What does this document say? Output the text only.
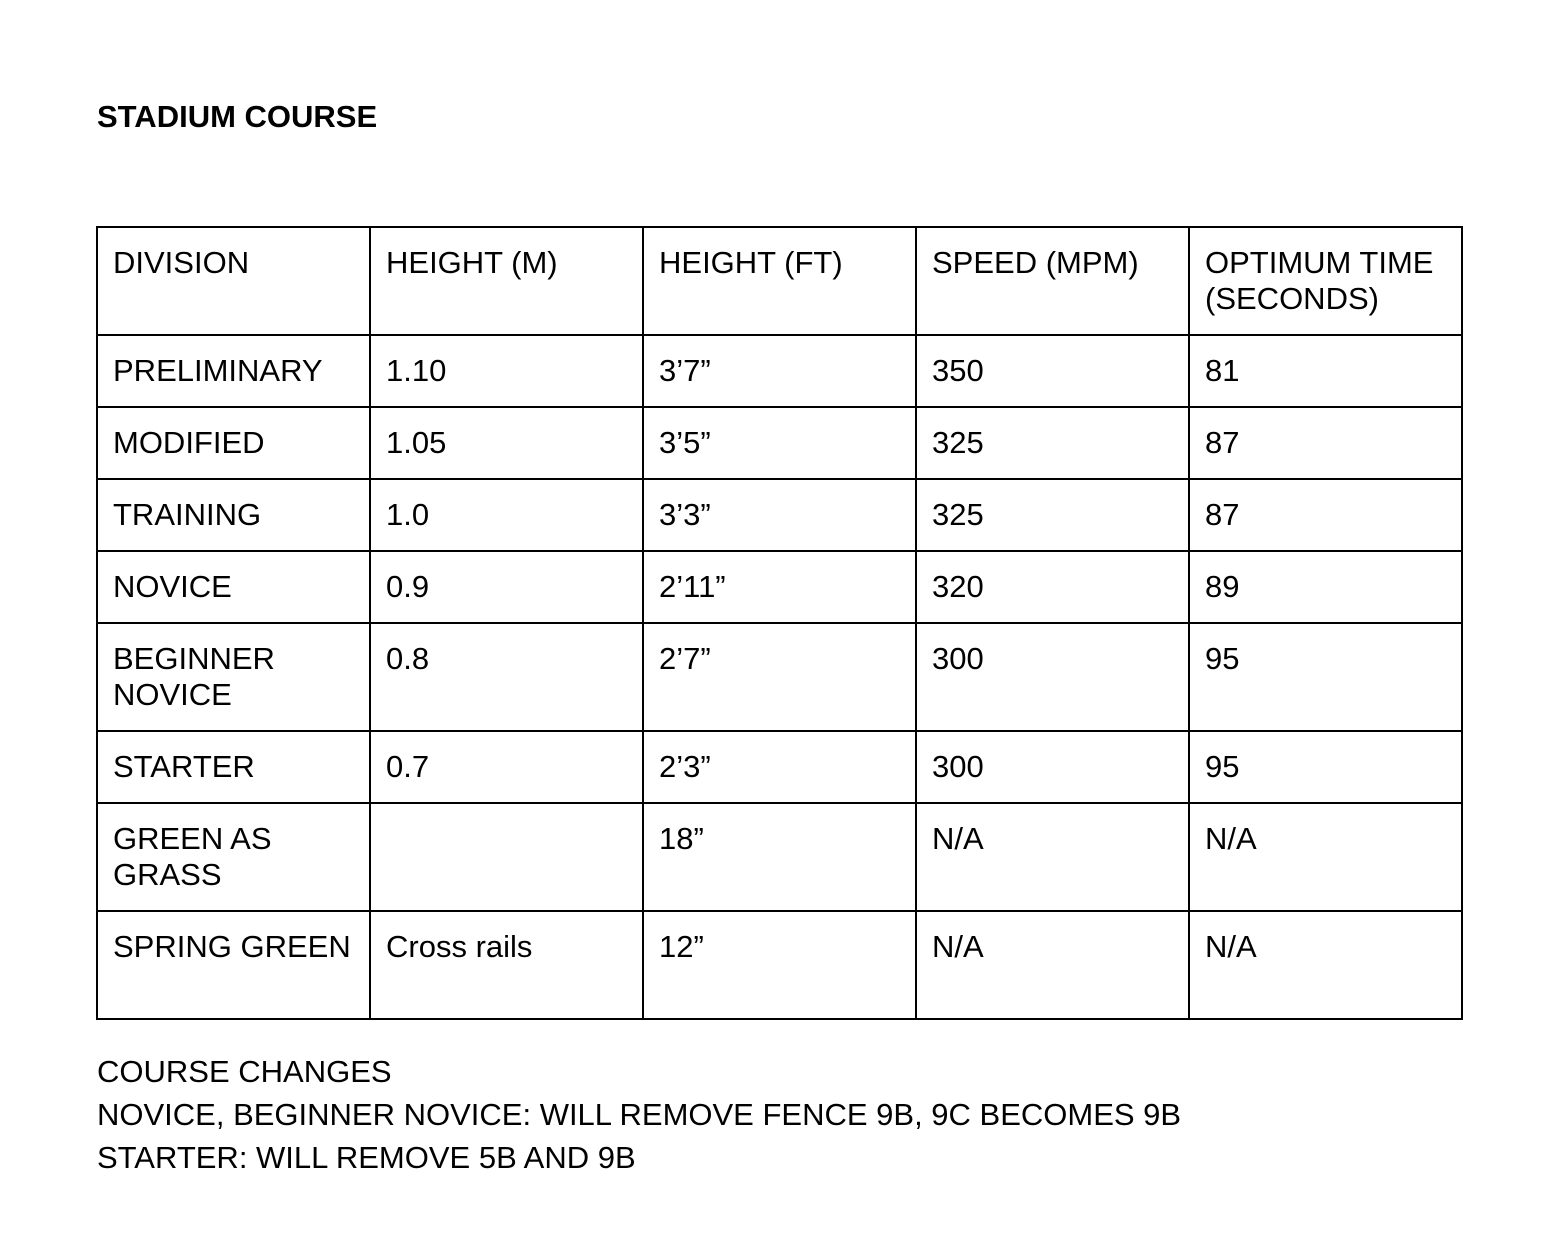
STADIUM COURSE
DIVISION	HEIGHT (M)	HEIGHT (FT)	SPEED (MPM)	OPTIMUM TIME (SECONDS)
PRELIMINARY	1.10	3’7”	350	81
MODIFIED	1.05	3’5”	325	87
TRAINING	1.0	3’3”	325	87
NOVICE	0.9	2’11”	320	89
BEGINNER NOVICE	0.8	2’7”	300	95
STARTER	0.7	2’3”	300	95
GREEN AS GRASS		18”	N/A	N/A
SPRING GREEN	Cross rails	12”	N/A	N/A
COURSE CHANGES
NOVICE, BEGINNER NOVICE: WILL REMOVE FENCE 9B, 9C BECOMES 9B
STARTER: WILL REMOVE 5B AND 9B
